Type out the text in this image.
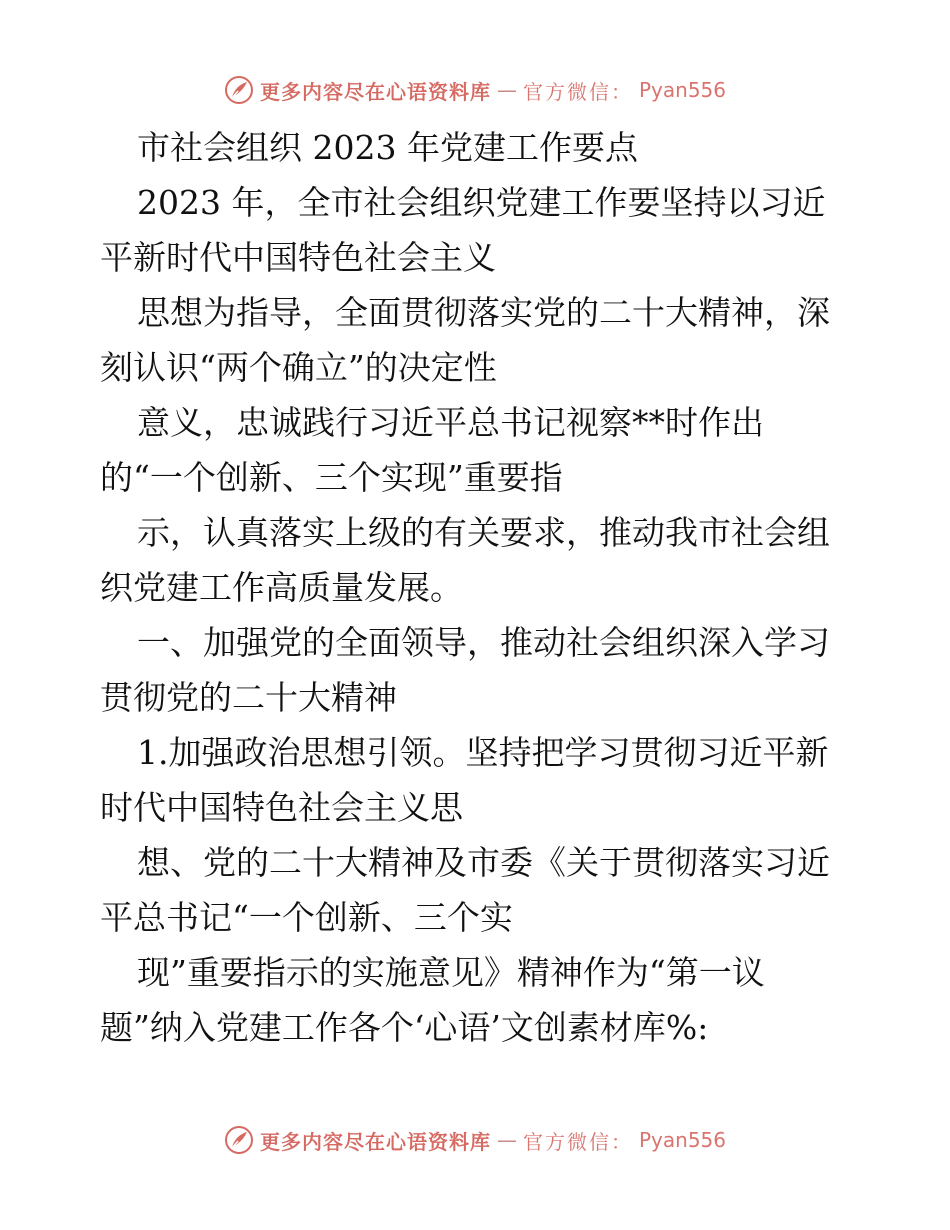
更多内容尽在心语资料库 — 官方微信： Pyan556
市社会组织 2023 年党建工作要点
2023 年，全市社会组织党建工作要坚持以习近
平新时代中国特色社会主义
思想为指导，全面贯彻落实党的二十大精神，深
刻认识“两个确立”的决定性
意义，忠诚践行习近平总书记视察**时作出
的“一个创新、三个实现”重要指
示，认真落实上级的有关要求，推动我市社会组
织党建工作高质量发展。
一、加强党的全面领导，推动社会组织深入学习
贯彻党的二十大精神
1.加强政治思想引领。坚持把学习贯彻习近平新
时代中国特色社会主义思
想、党的二十大精神及市委《关于贯彻落实习近
平总书记“一个创新、三个实
现”重要指示的实施意见》精神作为“第一议
题”纳入党建工作各个‘心语’文创素材库%:
更多内容尽在心语资料库 — 官方微信： Pyan556
